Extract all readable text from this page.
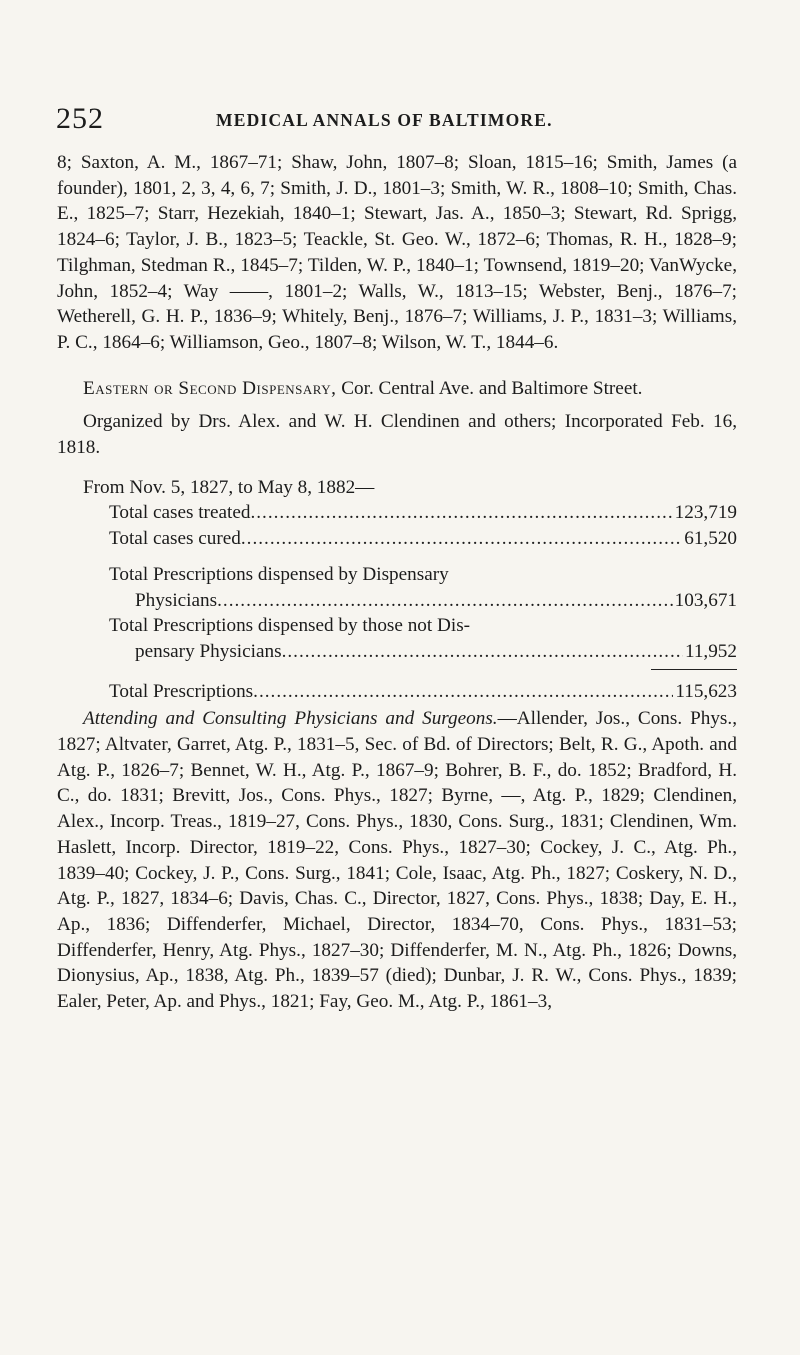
252	MEDICAL ANNALS OF BALTIMORE.

8; Saxton, A. M., 1867–71; Shaw, John, 1807–8; Sloan, 1815–16; Smith, James (a founder), 1801, 2, 3, 4, 6, 7; Smith, J. D., 1801–3; Smith, W. R., 1808–10; Smith, Chas. E., 1825–7; Starr, Hezekiah, 1840–1; Stewart, Jas. A., 1850–3; Stewart, Rd. Sprigg, 1824–6; Taylor, J. B., 1823–5; Teackle, St. Geo. W., 1872–6; Thomas, R. H., 1828–9; Tilghman, Stedman R., 1845–7; Tilden, W. P., 1840–1; Townsend, 1819–20; VanWycke, John, 1852–4; Way ——, 1801–2; Walls, W., 1813–15; Webster, Benj., 1876–7; Wetherell, G. H. P., 1836–9; Whitely, Benj., 1876–7; Williams, J. P., 1831–3; Williams, P. C., 1864–6; Williamson, Geo., 1807–8; Wilson, W. T., 1844–6.

Eastern or Second Dispensary, Cor. Central Ave. and Baltimore Street.

Organized by Drs. Alex. and W. H. Clendinen and others; Incorporated Feb. 16, 1818.

From Nov. 5, 1827, to May 8, 1882—

Total cases treated .....	123,719
Total cases cured .....	61,520
Total Prescriptions dispensed by Dispensary
Physicians .....	103,671
Total Prescriptions dispensed by those not Dis-
pensary Physicians .....	11,952
Total Prescriptions .....	115,623

Attending and Consulting Physicians and Surgeons.—Allender, Jos., Cons. Phys., 1827; Altvater, Garret, Atg. P., 1831–5, Sec. of Bd. of Directors; Belt, R. G., Apoth. and Atg. P., 1826–7; Bennet, W. H., Atg. P., 1867–9; Bohrer, B. F., do. 1852; Bradford, H. C., do. 1831; Brevitt, Jos., Cons. Phys., 1827; Byrne, —, Atg. P., 1829; Clendinen, Alex., Incorp. Treas., 1819–27, Cons. Phys., 1830, Cons. Surg., 1831; Clendinen, Wm. Haslett, Incorp. Director, 1819–22, Cons. Phys., 1827–30; Cockey, J. C., Atg. Ph., 1839–40; Cockey, J. P., Cons. Surg., 1841; Cole, Isaac, Atg. Ph., 1827; Coskery, N. D., Atg. P., 1827, 1834–6; Davis, Chas. C., Director, 1827, Cons. Phys., 1838; Day, E. H., Ap., 1836; Diffenderfer, Michael, Director, 1834–70, Cons. Phys., 1831–53; Diffenderfer, Henry, Atg. Phys., 1827–30; Diffenderfer, M. N., Atg. Ph., 1826; Downs, Dionysius, Ap., 1838, Atg. Ph., 1839–57 (died); Dunbar, J. R. W., Cons. Phys., 1839; Ealer, Peter, Ap. and Phys., 1821; Fay, Geo. M., Atg. P., 1861–3,
